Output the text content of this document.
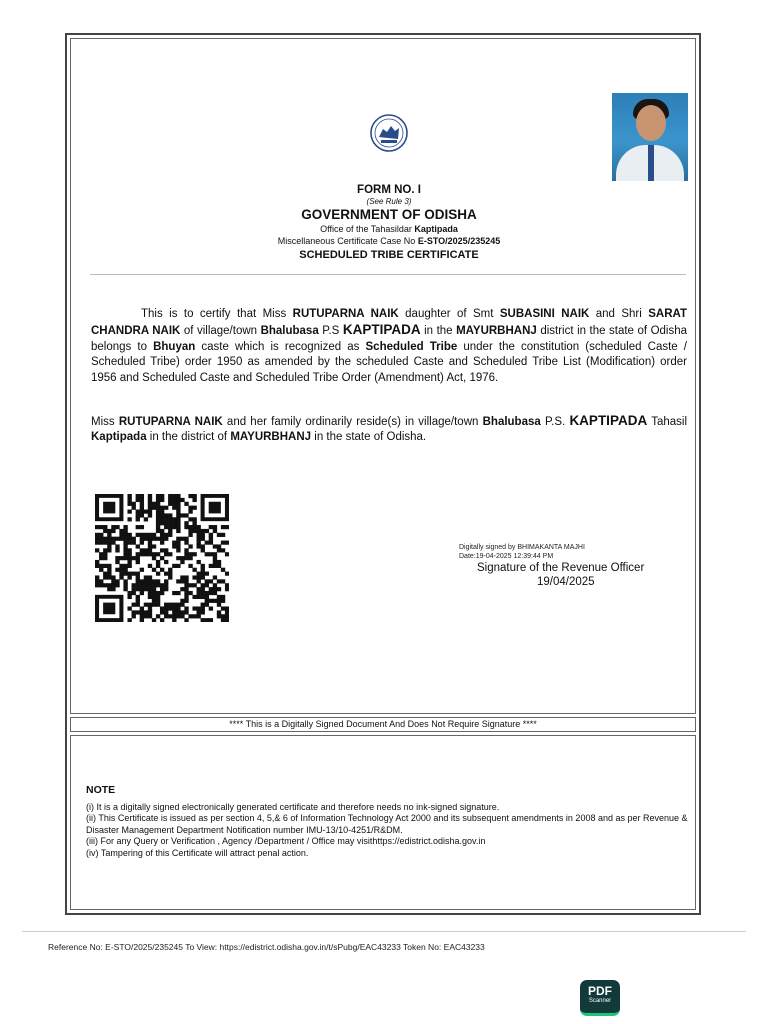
FORM NO. I
(See Rule 3)
GOVERNMENT OF ODISHA
Office of the Tahasildar Kaptipada
Miscellaneous Certificate Case No E-STO/2025/235245
SCHEDULED TRIBE CERTIFICATE
This is to certify that Miss RUTUPARNA NAIK daughter of Smt SUBASINI NAIK and Shri SARAT CHANDRA NAIK of village/town Bhalubasa P.S KAPTIPADA in the MAYURBHANJ district in the state of Odisha belongs to Bhuyan caste which is recognized as Scheduled Tribe under the constitution (scheduled Caste / Scheduled Tribe) order 1950 as amended by the scheduled Caste and Scheduled Tribe List (Modification) order 1956 and Scheduled Caste and Scheduled Tribe Order (Amendment) Act, 1976.
Miss RUTUPARNA NAIK and her family ordinarily reside(s) in village/town Bhalubasa P.S. KAPTIPADA Tahasil Kaptipada in the district of MAYURBHANJ in the state of Odisha.
Digitally signed by BHIMAKANTA MAJHI
Date:19-04-2025 12:39:44 PM
Signature of the Revenue Officer
19/04/2025
**** This is a Digitally Signed Document And Does Not Require Signature ****
NOTE
(i) It is a digitally signed electronically generated certificate and therefore needs no ink-signed signature.
(ii) This Certificate is issued as per section 4, 5,& 6 of Information Technology Act 2000 and its subsequent amendments in 2008 and as per Revenue & Disaster Management Department Notification number IMU-13/10-4251/R&DM.
(iii) For any Query or Verification , Agency /Department / Office may visithttps://edistrict.odisha.gov.in
(iv) Tampering of this Certificate will attract penal action.
Reference No: E-STO/2025/235245 To View: https://edistrict.odisha.gov.in/t/sPubg/EAC43233 Token No: EAC43233
PDF
Scanner
